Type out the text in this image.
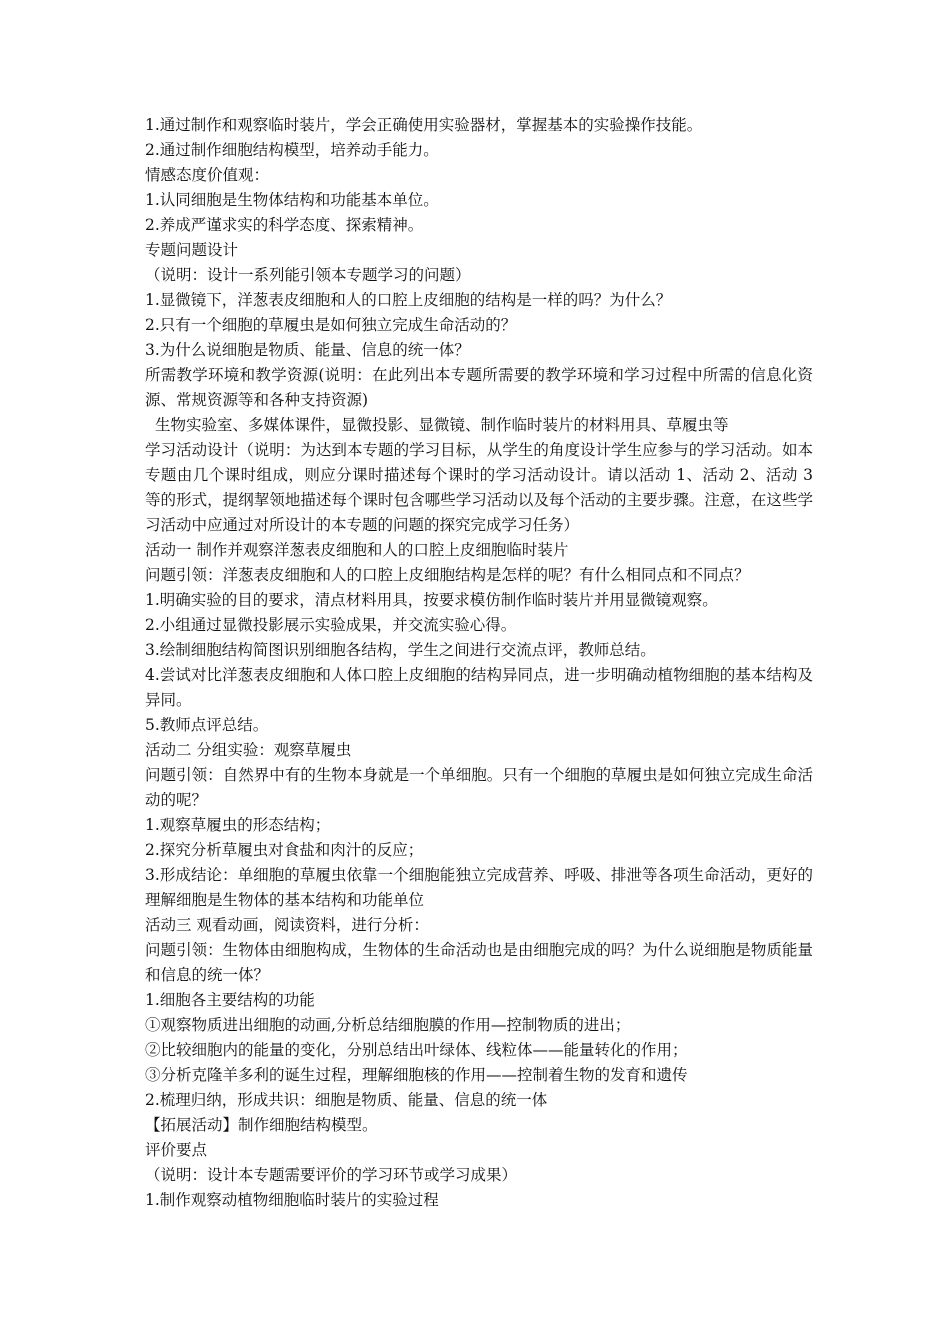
1.通过制作和观察临时装片，学会正确使用实验器材，掌握基本的实验操作技能。
2.通过制作细胞结构模型，培养动手能力。
情感态度价值观：
1.认同细胞是生物体结构和功能基本单位。
2.养成严谨求实的科学态度、探索精神。
专题问题设计
（说明：设计一系列能引领本专题学习的问题）
1.显微镜下，洋葱表皮细胞和人的口腔上皮细胞的结构是一样的吗？为什么？
2.只有一个细胞的草履虫是如何独立完成生命活动的？
3.为什么说细胞是物质、能量、信息的统一体？
所需教学环境和教学资源(说明：在此列出本专题所需要的教学环境和学习过程中所需的信息化资源、常规资源等和各种支持资源)
生物实验室、多媒体课件，显微投影、显微镜、制作临时装片的材料用具、草履虫等
学习活动设计（说明：为达到本专题的学习目标，从学生的角度设计学生应参与的学习活动。如本专题由几个课时组成，则应分课时描述每个课时的学习活动设计。请以活动 1、活动 2、活动 3 等的形式，提纲挈领地描述每个课时包含哪些学习活动以及每个活动的主要步骤。注意，在这些学习活动中应通过对所设计的本专题的问题的探究完成学习任务）
活动一 制作并观察洋葱表皮细胞和人的口腔上皮细胞临时装片
问题引领：洋葱表皮细胞和人的口腔上皮细胞结构是怎样的呢？有什么相同点和不同点？
1.明确实验的目的要求，清点材料用具，按要求模仿制作临时装片并用显微镜观察。
2.小组通过显微投影展示实验成果，并交流实验心得。
3.绘制细胞结构简图识别细胞各结构，学生之间进行交流点评，教师总结。
4.尝试对比洋葱表皮细胞和人体口腔上皮细胞的结构异同点，进一步明确动植物细胞的基本结构及异同。
5.教师点评总结。
活动二 分组实验：观察草履虫
问题引领：自然界中有的生物本身就是一个单细胞。只有一个细胞的草履虫是如何独立完成生命活动的呢？
1.观察草履虫的形态结构；
2.探究分析草履虫对食盐和肉汁的反应；
3.形成结论：单细胞的草履虫依靠一个细胞能独立完成营养、呼吸、排泄等各项生命活动，更好的理解细胞是生物体的基本结构和功能单位
活动三 观看动画，阅读资料，进行分析：
问题引领：生物体由细胞构成，生物体的生命活动也是由细胞完成的吗？为什么说细胞是物质能量和信息的统一体？
1.细胞各主要结构的功能
①观察物质进出细胞的动画,分析总结细胞膜的作用—控制物质的进出；
②比较细胞内的能量的变化，分别总结出叶绿体、线粒体——能量转化的作用；
③分析克隆羊多利的诞生过程，理解细胞核的作用——控制着生物的发育和遗传
2.梳理归纳，形成共识：细胞是物质、能量、信息的统一体
【拓展活动】制作细胞结构模型。
评价要点
（说明：设计本专题需要评价的学习环节或学习成果）
1.制作观察动植物细胞临时装片的实验过程
